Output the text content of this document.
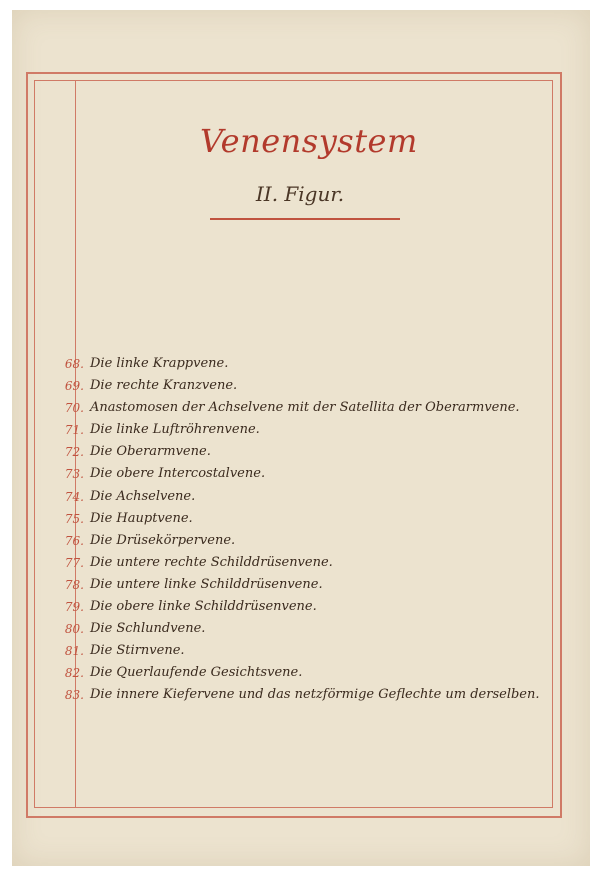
Venensystem
II. Figur.
68. Die linke Krappvene.
69. Die rechte Kranzvene.
70. Anastomosen der Achselvene mit der Satellita der Oberarmvene.
71. Die linke Luftröhrenvene.
72. Die Oberarmvene.
73. Die obere Intercostalvene.
74. Die Achselvene.
75. Die Hauptvene.
76. Die Drüsekörpervene.
77. Die untere rechte Schilddrüsenvene.
78. Die untere linke Schilddrüsenvene.
79. Die obere linke Schilddrüsenvene.
80. Die Schlundvene.
81. Die Stirnvene.
82. Die Querlaufende Gesichtsvene.
83. Die innere Kiefervene und das netzförmige Geflechte um derselben.
